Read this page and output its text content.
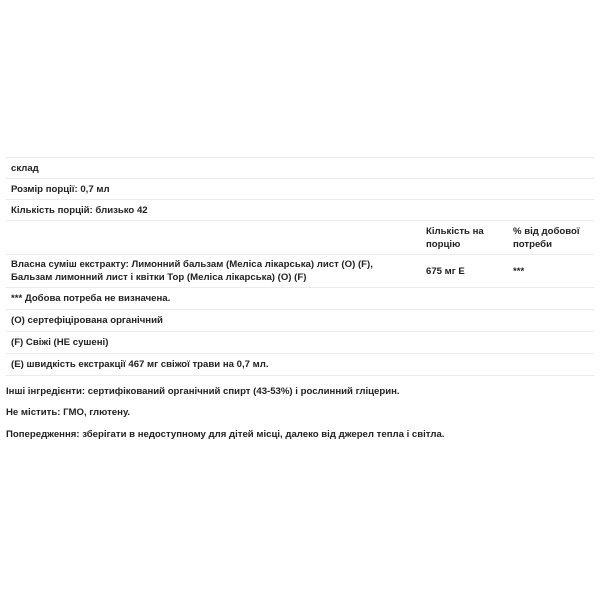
склад		
Розмір порції: 0,7 мл		
Кількість порцій: близько 42		
	Кількість на порцію	% від добової потреби
Власна суміш екстракту: Лимонний бальзам (Меліса лікарська) лист (O) (F), Бальзам лимонний лист і квітки Тор (Меліса лікарська) (O) (F)	675 мг E	***
*** Добова потреба не визначена.		
(O) сертефіцірована органічний		
(F) Свіжі (НЕ сушені)		
(E) швидкість екстракції 467 мг свіжої трави на 0,7 мл.		

Інші інгредієнти: сертифікований органічний спирт (43-53%) і рослинний гліцерин.

Не містить: ГМО, глютену.

Попередження: зберігати в недоступному для дітей місці, далеко від джерел тепла і світла.
